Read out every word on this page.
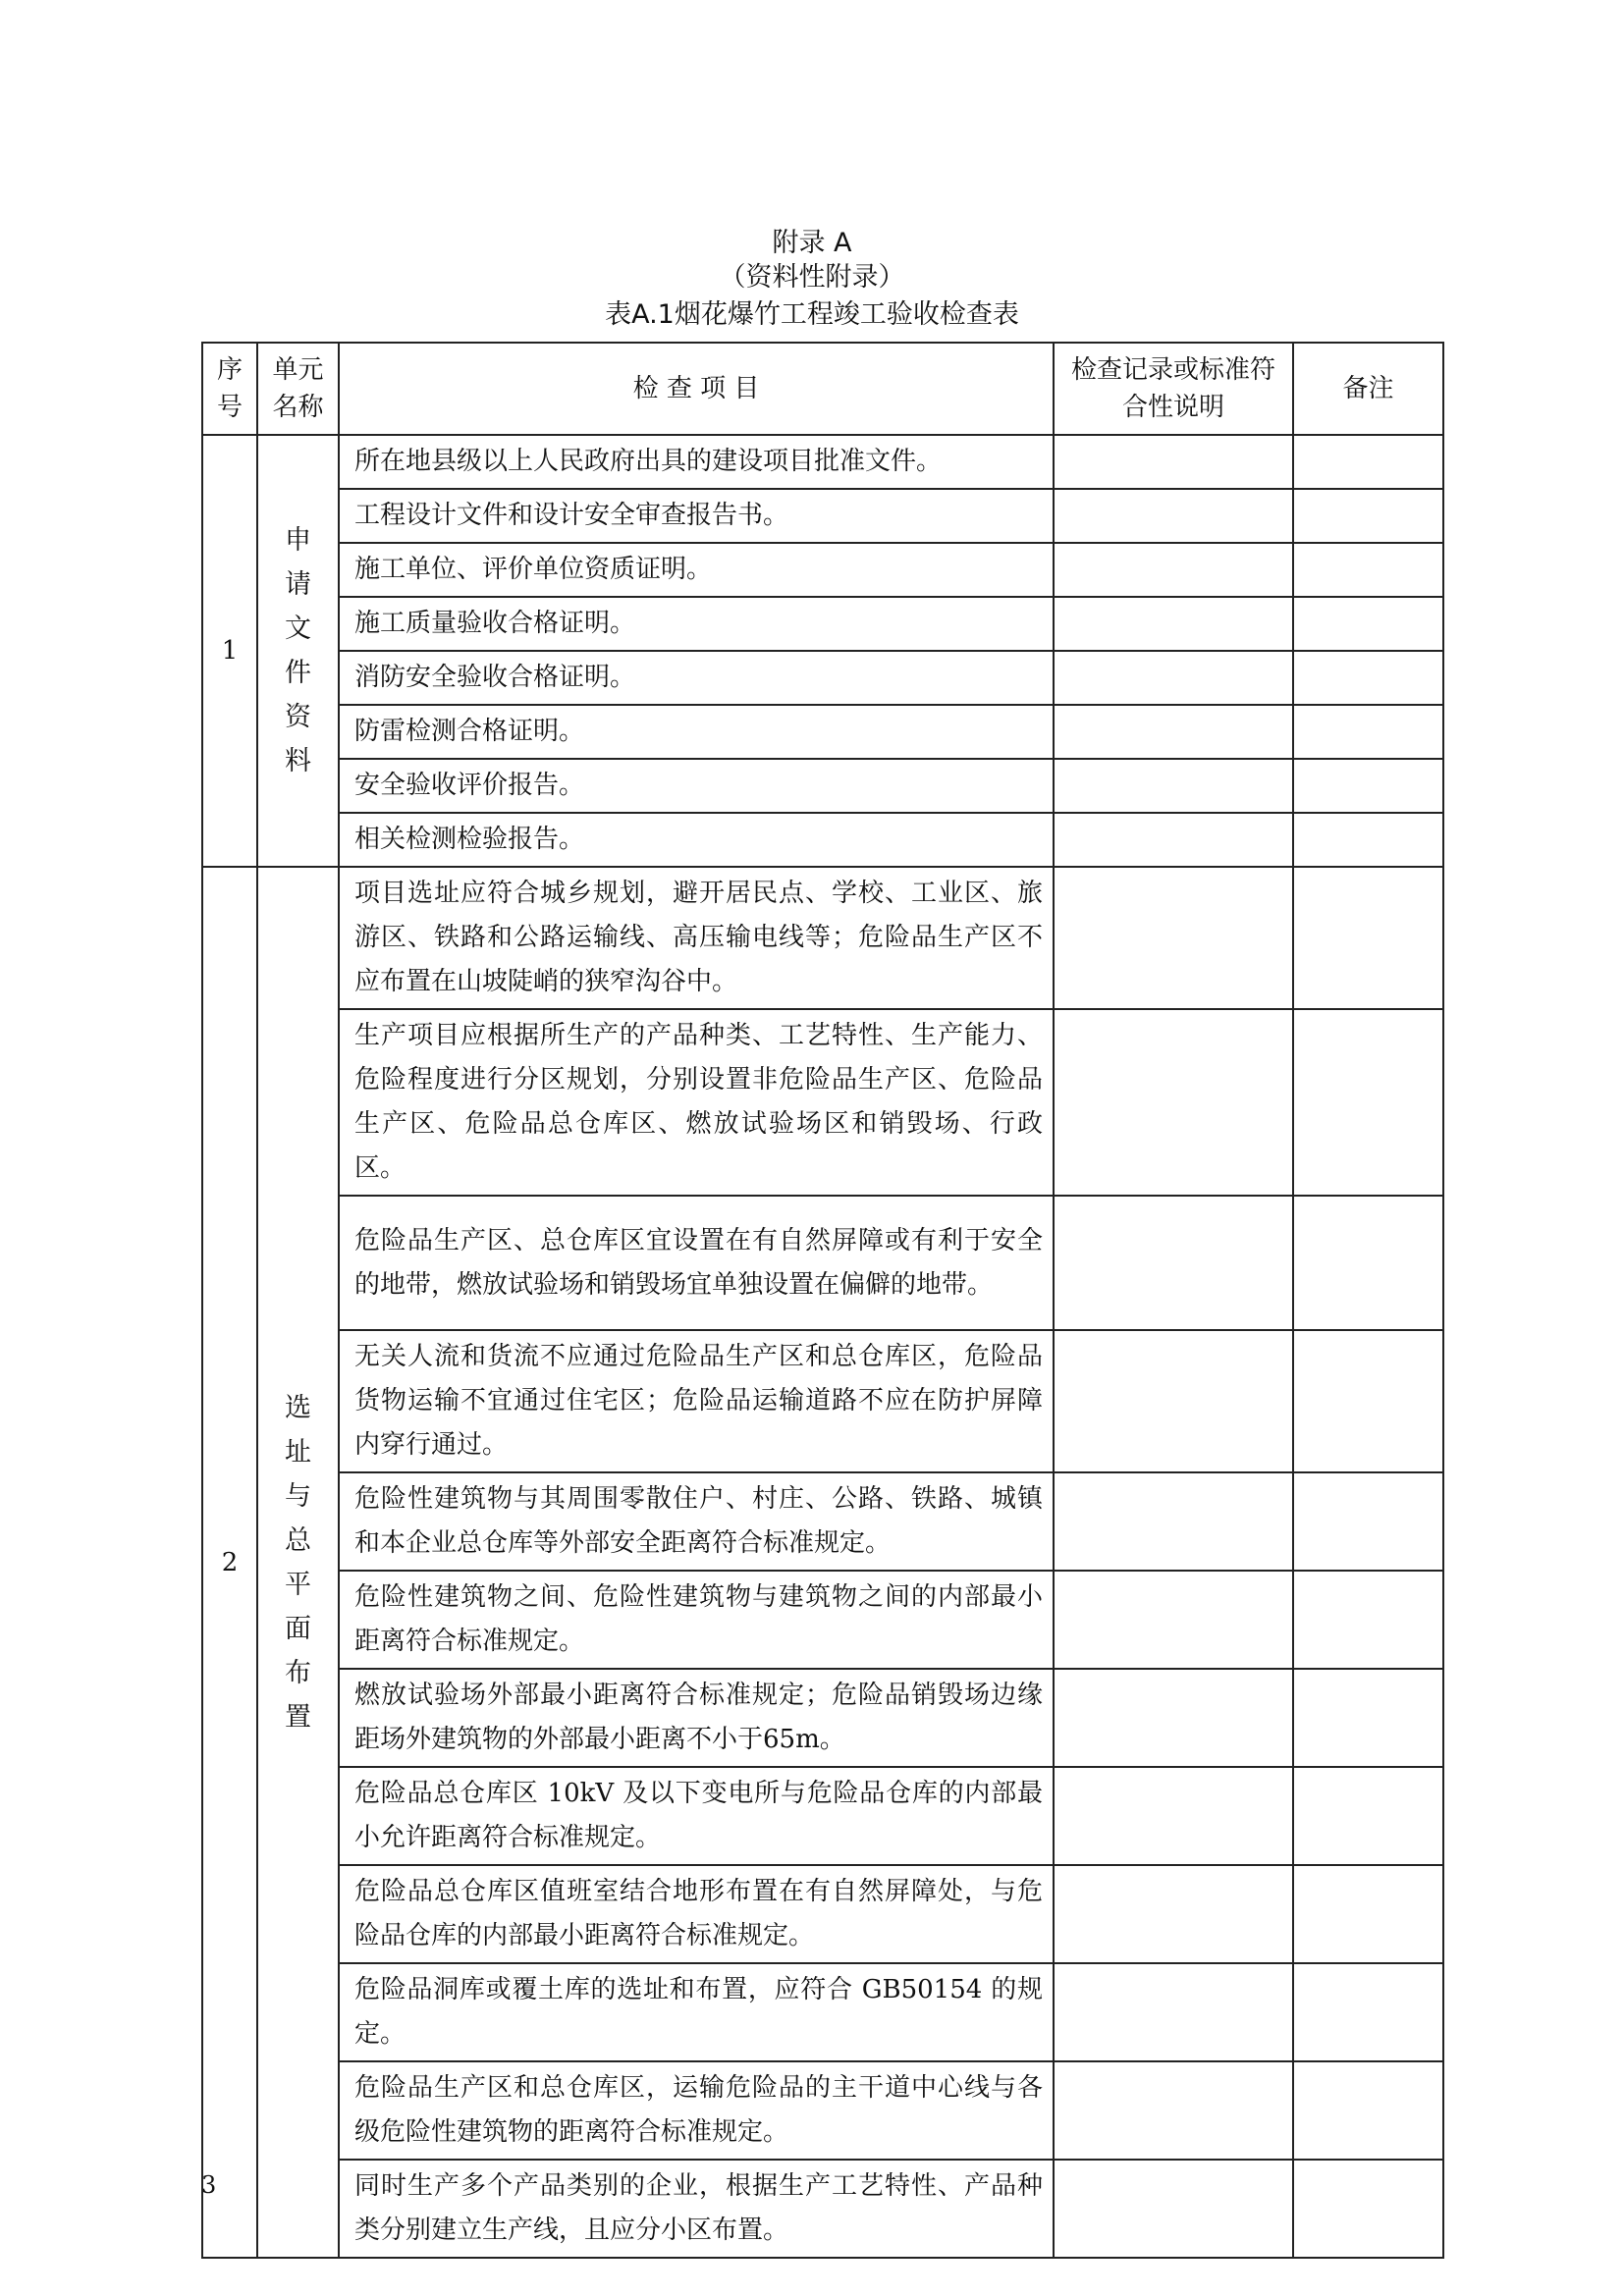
附录 A
（资料性附录）
表A.1烟花爆竹工程竣工验收检查表
序号	单元名称	检 查 项 目	检查记录或标准符合性说明	备注
1	申请文件资料	所在地县级以上人民政府出具的建设项目批准文件。		
		工程设计文件和设计安全审查报告书。		
		施工单位、评价单位资质证明。		
		施工质量验收合格证明。		
		消防安全验收合格证明。		
		防雷检测合格证明。		
		安全验收评价报告。		
		相关检测检验报告。		
2	选址与总平面布置	项目选址应符合城乡规划，避开居民点、学校、工业区、旅游区、铁路和公路运输线、高压输电线等；危险品生产区不应布置在山坡陡峭的狭窄沟谷中。		
		生产项目应根据所生产的产品种类、工艺特性、生产能力、危险程度进行分区规划，分别设置非危险品生产区、危险品生产区、危险品总仓库区、燃放试验场区和销毁场、行政区。		
		危险品生产区、总仓库区宜设置在有自然屏障或有利于安全的地带，燃放试验场和销毁场宜单独设置在偏僻的地带。		
		无关人流和货流不应通过危险品生产区和总仓库区，危险品货物运输不宜通过住宅区；危险品运输道路不应在防护屏障内穿行通过。		
		危险性建筑物与其周围零散住户、村庄、公路、铁路、城镇和本企业总仓库等外部安全距离符合标准规定。		
		危险性建筑物之间、危险性建筑物与建筑物之间的内部最小距离符合标准规定。		
		燃放试验场外部最小距离符合标准规定；危险品销毁场边缘距场外建筑物的外部最小距离不小于65m。		
		危险品总仓库区 10kV 及以下变电所与危险品仓库的内部最小允许距离符合标准规定。		
		危险品总仓库区值班室结合地形布置在有自然屏障处，与危险品仓库的内部最小距离符合标准规定。		
		危险品洞库或覆土库的选址和布置，应符合 GB50154 的规定。		
		危险品生产区和总仓库区，运输危险品的主干道中心线与各级危险性建筑物的距离符合标准规定。		
		同时生产多个产品类别的企业，根据生产工艺特性、产品种类分别建立生产线，且应分小区布置。		
3
